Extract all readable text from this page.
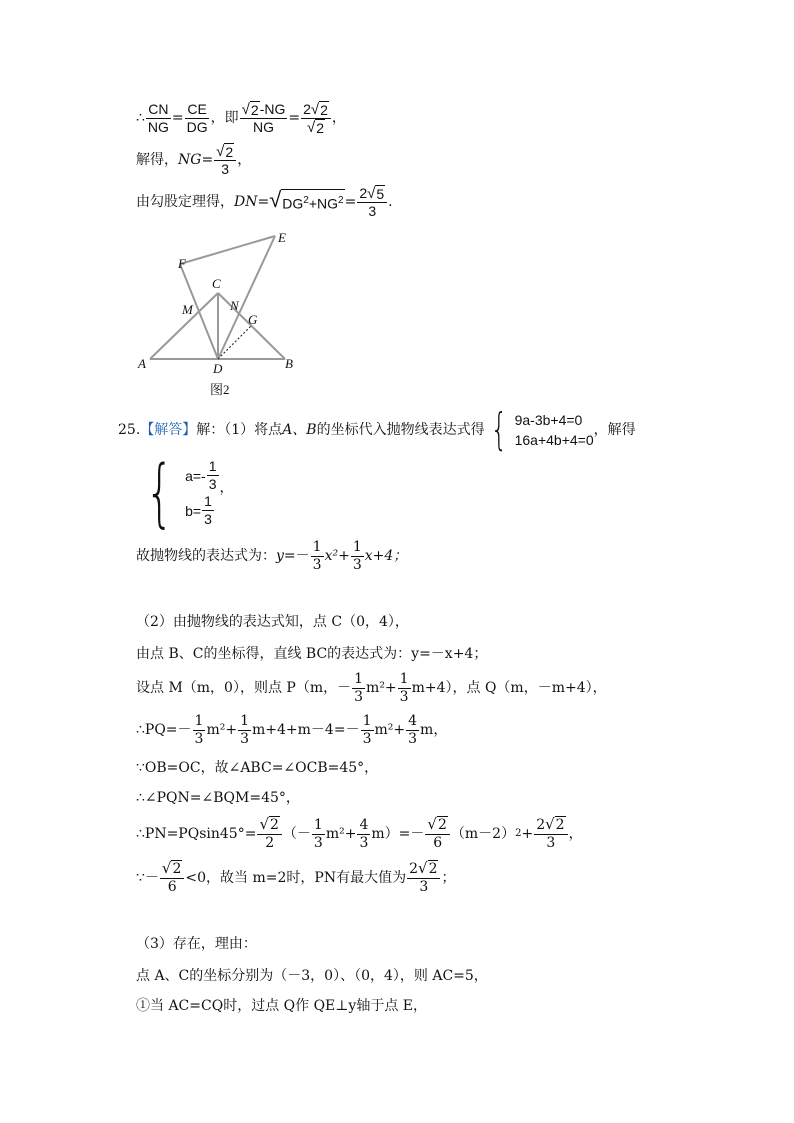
∴ $\frac{CN}{NG} = \frac{CE}{DG}$ ，即 $\frac{√ 2 -NG}{NG} = \frac{2 √ 2}{√ 2}$ ，
解得， NG = $\frac{√ 2}{3}$ ，
由勾股定理得， DN = √ $DG^2+NG^2 = \frac{2 √ 5}{3}$ .
E
F
C
M	N
G
A	D	B
图2
25. 【解答】 解：（1）将点 A、B 的坐标代入抛物线表达式得 { 9a-3b+4=0
16a+4b+4=0
，解得
{ $a=- \frac{1}{3}$
$b= \frac{1}{3}$
，
故抛物线的表达式为： $y =- \frac{1}{3} x^2+ \frac{1}{3} x+4$；
（2）由抛物线的表达式知，点 C（0，4），
由点 B、C的坐标得，直线 BC的表达式为：y=－x+4；
设点 M（m，0），则点 P（m，－ $\frac{1}{3} m^2+ \frac{1}{3} m+4$），点 Q（m，－m+4），
∴PQ=－ $\frac{1}{3} m^2+ \frac{1}{3} m+4+m-4=- \frac{1}{3} m^2+ \frac{4}{3}$ m，
∵OB=OC，故∠ABC=∠OCB=45°，
∴∠PQN=∠BQM=45°，
∴PN=PQsin45°= $\frac{√ 2}{2}$ （－ $\frac{1}{3} m^2+ \frac{4}{3} m)=- \frac{√ 2}{6} (m-2)$ $2 + \frac{2 √ 2}{3}$ ，
∵－ $\frac{√ 2}{6} <0$，故当 m=2时，PN有最大值为 $\frac{2 √ 2}{3}$ ；
（3）存在，理由：
点 A、C的坐标分别为（－3，0）、（0，4），则 AC=5，
①当 AC=CQ时，过点 Q作 QE⊥y轴于点 E，
